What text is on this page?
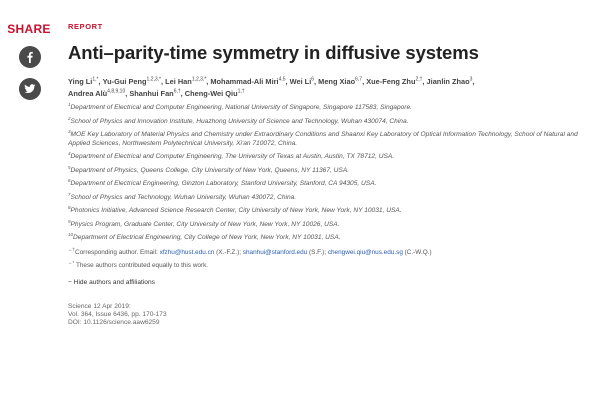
SHARE REPORT
Anti–parity-time symmetry in diffusive systems
Ying $Li^{1,*}$, Yu-Gui Peng$^{1,2,3,*}$, Lei Han$^{1,2,3,*}$, Mohammad-Ali Miri$^{4,5}$, Wei Li$^6$, Meng Xiao$^{6,7}$, Xue-Feng Zhu$^{2,\dagger}$, Jianlin Zhao$^3$,
Andrea Alù$^{4,8,9,10}$, Shanhui Fan$^{6,\dagger}$, Cheng-Wei Qiu$^{1,\dagger}$
$^1$Department of Electrical and Computer Engineering, National University of Singapore, Singapore 117583, Singapore.
$^2$School of Physics and Innovation Institute, Huazhong University of Science and Technology, Wuhan 430074, China.
$^3$MOE Key Laboratory of Material Physics and Chemistry under Extraordinary Conditions and Shaanxi Key Laboratory of Optical Information Technology, School of Natural and Applied Sciences, Northwestern Polytechnical University, Xi'an 710072, China.
$^4$Department of Electrical and Computer Engineering, The University of Texas at Austin, Austin, TX 78712, USA.
$^5$Department of Physics, Queens College, City University of New York, Queens, NY 11367, USA.
$^6$Department of Electrical Engineering, Ginzton Laboratory, Stanford University, Stanford, CA 94305, USA.
$^7$School of Physics and Technology, Wuhan University, Wuhan 430072, China.
$^8$Photonics Initiative, Advanced Science Research Center, City University of New York, New York, NY 10031, USA.
$^9$Physics Program, Graduate Center, City University of New York, New York, NY 10026, USA.
$^{10}$Department of Electrical Engineering, City College of New York, New York, NY 10031, USA.
←†Corresponding author. Email: xfzhu@hust.edu.cn (X.-F.Z.); shanhui@stanford.edu (S.F.); chengwei.qiu@nus.edu.sg (C.-W.Q.)
←* These authors contributed equally to this work.
− Hide authors and affiliations
Science 12 Apr 2019:
Vol. 364, Issue 6436, pp. 170-173
DOI: 10.1126/science.aaw6259
